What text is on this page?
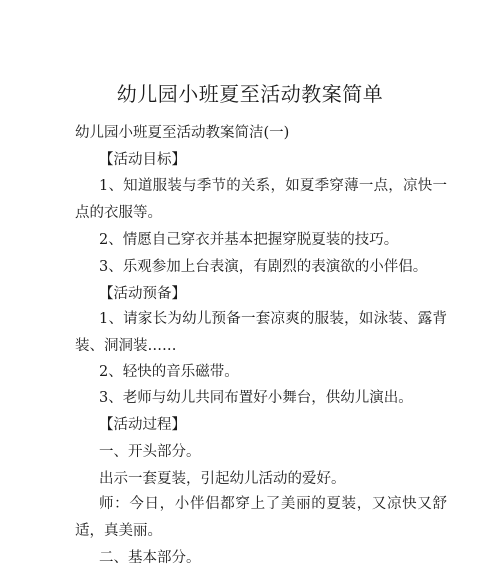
幼儿园小班夏至活动教案简单
幼儿园小班夏至活动教案简洁(一)
【活动目标】
1、知道服装与季节的关系，如夏季穿薄一点，凉快一点的衣服等。
2、情愿自己穿衣并基本把握穿脱夏装的技巧。
3、乐观参加上台表演，有剧烈的表演欲的小伴侣。
【活动预备】
1、请家长为幼儿预备一套凉爽的服装，如泳装、露背装、洞洞装……
2、轻快的音乐磁带。
3、老师与幼儿共同布置好小舞台，供幼儿演出。
【活动过程】
一、开头部分。
出示一套夏装，引起幼儿活动的爱好。
师：今日，小伴侣都穿上了美丽的夏装，又凉快又舒适，真美丽。
二、基本部分。
